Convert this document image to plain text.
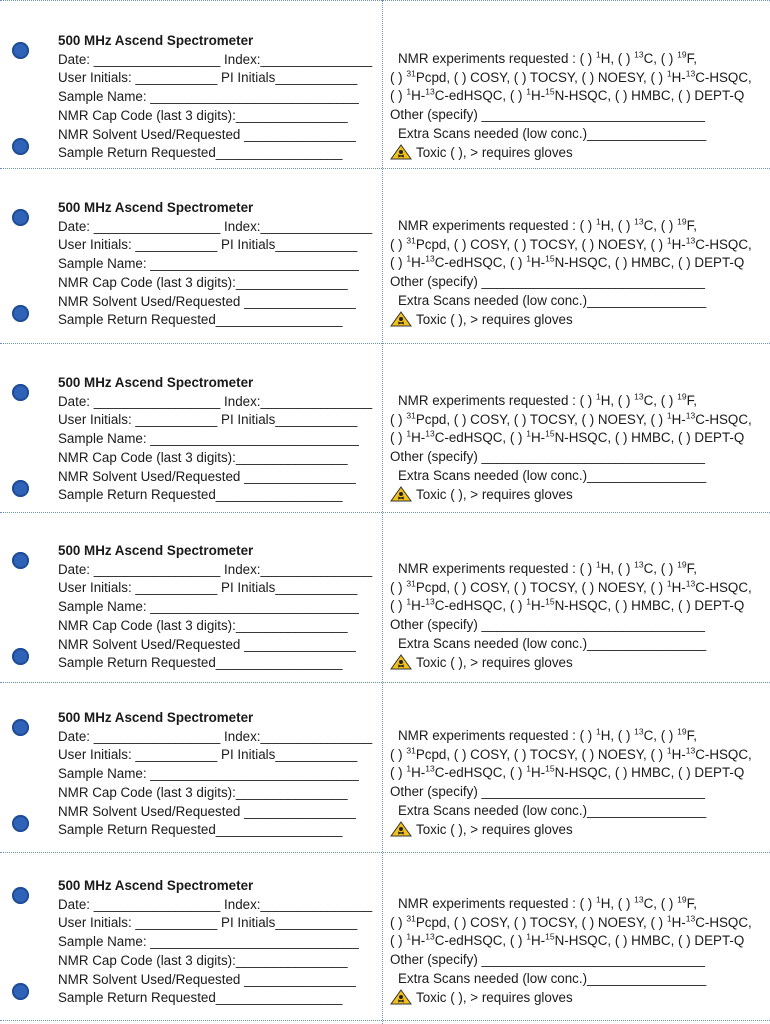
500 MHz Ascend Spectrometer
Date: _________________ Index:_______________
User Initials: ___________ PI Initials___________
Sample Name: ____________________________
NMR Cap Code (last 3 digits):_______________
NMR Solvent Used/Requested _______________
Sample Return Requested_________________
NMR experiments requested : ( ) $^1$H, ( ) $^{13}$C, ( ) $^{19}$F,
( ) $^{31}$Pcpd, ( ) COSY, ( ) TOCSY, ( ) NOESY, ( ) $^1$H-$^{13}$C-HSQC,
( ) $^1$H-$^{13}$C-edHSQC, ( ) $^1$H-$^{15}$N-HSQC, ( ) HMBC, ( ) DEPT-Q
Other (specify) ______________________________
Extra Scans needed (low conc.)________________
Toxic ( ), > requires gloves
500 MHz Ascend Spectrometer
Date: _________________ Index:_______________
User Initials: ___________ PI Initials___________
Sample Name: ____________________________
NMR Cap Code (last 3 digits):_______________
NMR Solvent Used/Requested _______________
Sample Return Requested_________________
NMR experiments requested : ( ) $^1$H, ( ) $^{13}$C, ( ) $^{19}$F,
( ) $^{31}$Pcpd, ( ) COSY, ( ) TOCSY, ( ) NOESY, ( ) $^1$H-$^{13}$C-HSQC,
( ) $^1$H-$^{13}$C-edHSQC, ( ) $^1$H-$^{15}$N-HSQC, ( ) HMBC, ( ) DEPT-Q
Other (specify) ______________________________
Extra Scans needed (low conc.)________________
Toxic ( ), > requires gloves
500 MHz Ascend Spectrometer
Date: _________________ Index:_______________
User Initials: ___________ PI Initials___________
Sample Name: ____________________________
NMR Cap Code (last 3 digits):_______________
NMR Solvent Used/Requested _______________
Sample Return Requested_________________
NMR experiments requested : ( ) $^1$H, ( ) $^{13}$C, ( ) $^{19}$F,
( ) $^{31}$Pcpd, ( ) COSY, ( ) TOCSY, ( ) NOESY, ( ) $^1$H-$^{13}$C-HSQC,
( ) $^1$H-$^{13}$C-edHSQC, ( ) $^1$H-$^{15}$N-HSQC, ( ) HMBC, ( ) DEPT-Q
Other (specify) ______________________________
Extra Scans needed (low conc.)________________
Toxic ( ), > requires gloves
500 MHz Ascend Spectrometer
Date: _________________ Index:_______________
User Initials: ___________ PI Initials___________
Sample Name: ____________________________
NMR Cap Code (last 3 digits):_______________
NMR Solvent Used/Requested _______________
Sample Return Requested_________________
NMR experiments requested : ( ) $^1$H, ( ) $^{13}$C, ( ) $^{19}$F,
( ) $^{31}$Pcpd, ( ) COSY, ( ) TOCSY, ( ) NOESY, ( ) $^1$H-$^{13}$C-HSQC,
( ) $^1$H-$^{13}$C-edHSQC, ( ) $^1$H-$^{15}$N-HSQC, ( ) HMBC, ( ) DEPT-Q
Other (specify) ______________________________
Extra Scans needed (low conc.)________________
Toxic ( ), > requires gloves
500 MHz Ascend Spectrometer
Date: _________________ Index:_______________
User Initials: ___________ PI Initials___________
Sample Name: ____________________________
NMR Cap Code (last 3 digits):_______________
NMR Solvent Used/Requested _______________
Sample Return Requested_________________
NMR experiments requested : ( ) $^1$H, ( ) $^{13}$C, ( ) $^{19}$F,
( ) $^{31}$Pcpd, ( ) COSY, ( ) TOCSY, ( ) NOESY, ( ) $^1$H-$^{13}$C-HSQC,
( ) $^1$H-$^{13}$C-edHSQC, ( ) $^1$H-$^{15}$N-HSQC, ( ) HMBC, ( ) DEPT-Q
Other (specify) ______________________________
Extra Scans needed (low conc.)________________
Toxic ( ), > requires gloves
500 MHz Ascend Spectrometer
Date: _________________ Index:_______________
User Initials: ___________ PI Initials___________
Sample Name: ____________________________
NMR Cap Code (last 3 digits):_______________
NMR Solvent Used/Requested _______________
Sample Return Requested_________________
NMR experiments requested : ( ) $^1$H, ( ) $^{13}$C, ( ) $^{19}$F,
( ) $^{31}$Pcpd, ( ) COSY, ( ) TOCSY, ( ) NOESY, ( ) $^1$H-$^{13}$C-HSQC,
( ) $^1$H-$^{13}$C-edHSQC, ( ) $^1$H-$^{15}$N-HSQC, ( ) HMBC, ( ) DEPT-Q
Other (specify) ______________________________
Extra Scans needed (low conc.)________________
Toxic ( ), > requires gloves
